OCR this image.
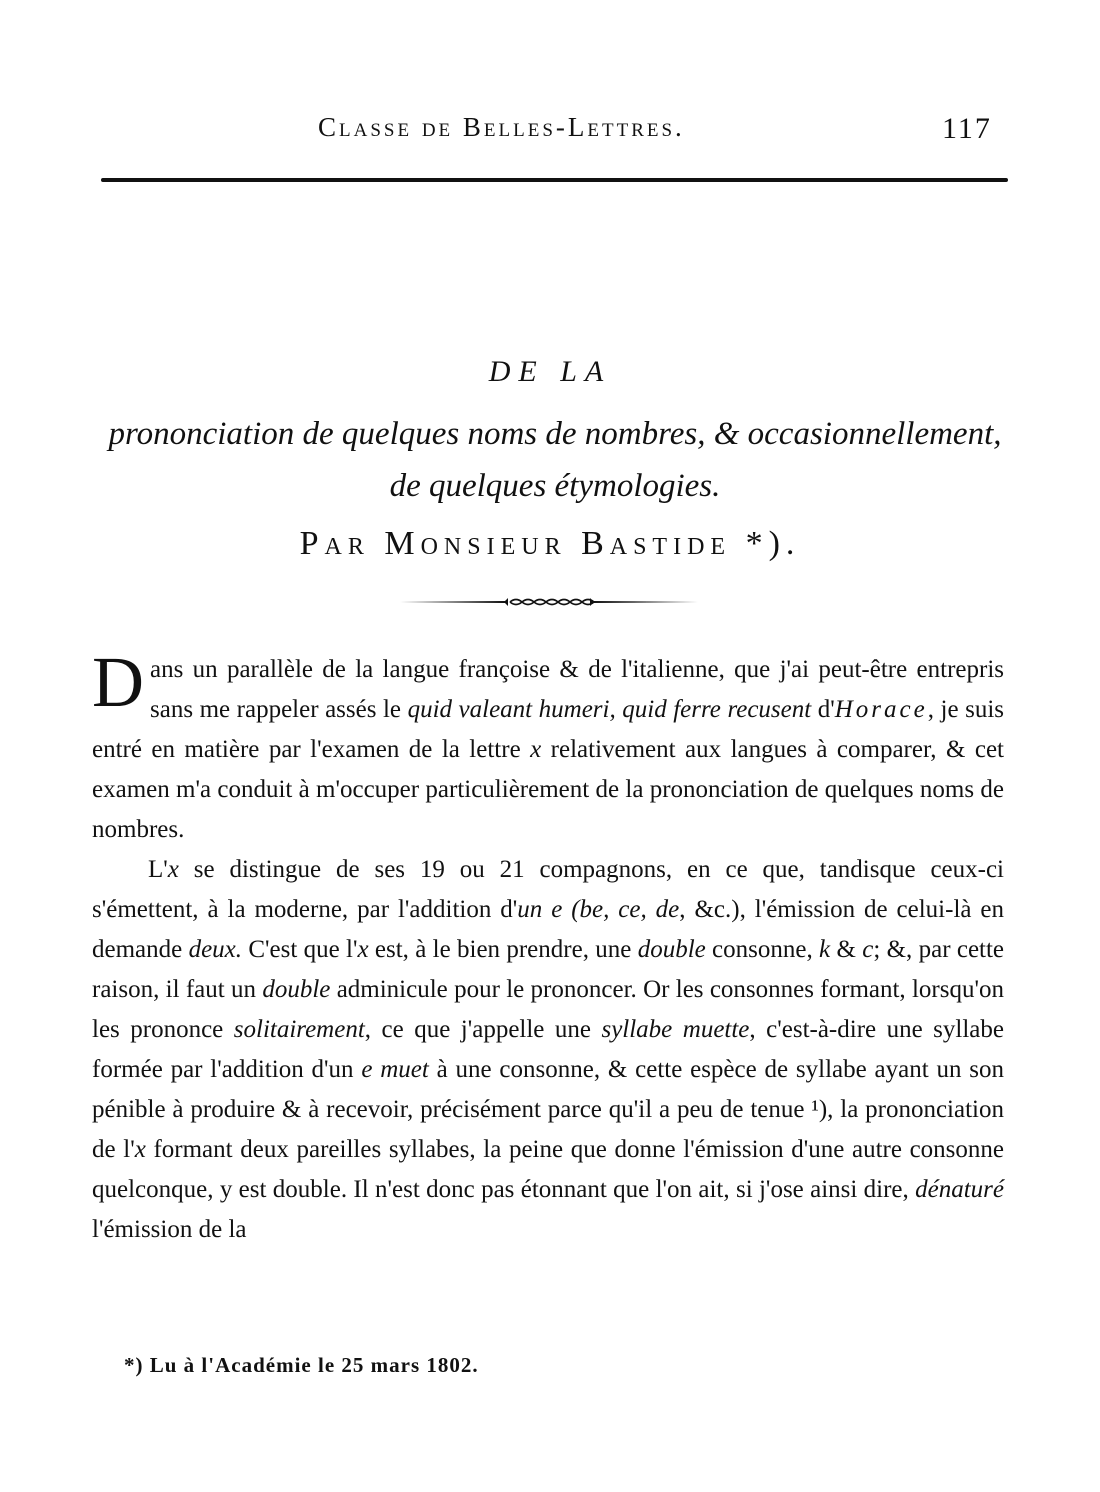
Classe de Belles-Lettres.	117
DE LA
prononciation de quelques noms de nombres, & occasionnellement, de quelques étymologies.
Par Monsieur Bastide *).

Dans un parallèle de la langue françoise & de l'italienne, que j'ai peut-être entrepris sans me rappeler assés le quid valeant humeri, quid ferre recusent d'Horace, je suis entré en matière par l'examen de la lettre x relativement aux langues à comparer, & cet examen m'a conduit à m'occuper particulièrement de la prononciation de quelques noms de nombres.

L'x se distingue de ses 19 ou 21 compagnons, en ce que, tandisque ceux-ci s'émettent, à la moderne, par l'addition d'un e (be, ce, de, &c.), l'émission de celui-là en demande deux. C'est que l'x est, à le bien prendre, une double consonne, k & c; &, par cette raison, il faut un double adminicule pour le prononcer. Or les consonnes formant, lorsqu'on les prononce solitairement, ce que j'appelle une syllabe muette, c'est-à-dire une syllabe formée par l'addition d'un e muet à une consonne, & cette espèce de syllabe ayant un son pénible à produire & à recevoir, précisément parce qu'il a peu de tenue ¹), la prononciation de l'x formant deux pareilles syllabes, la peine que donne l'émission d'une autre consonne quelconque, y est double. Il n'est donc pas étonnant que l'on ait, si j'ose ainsi dire, dénaturé l'émission de la

*) Lu à l'Académie le 25 mars 1802.
